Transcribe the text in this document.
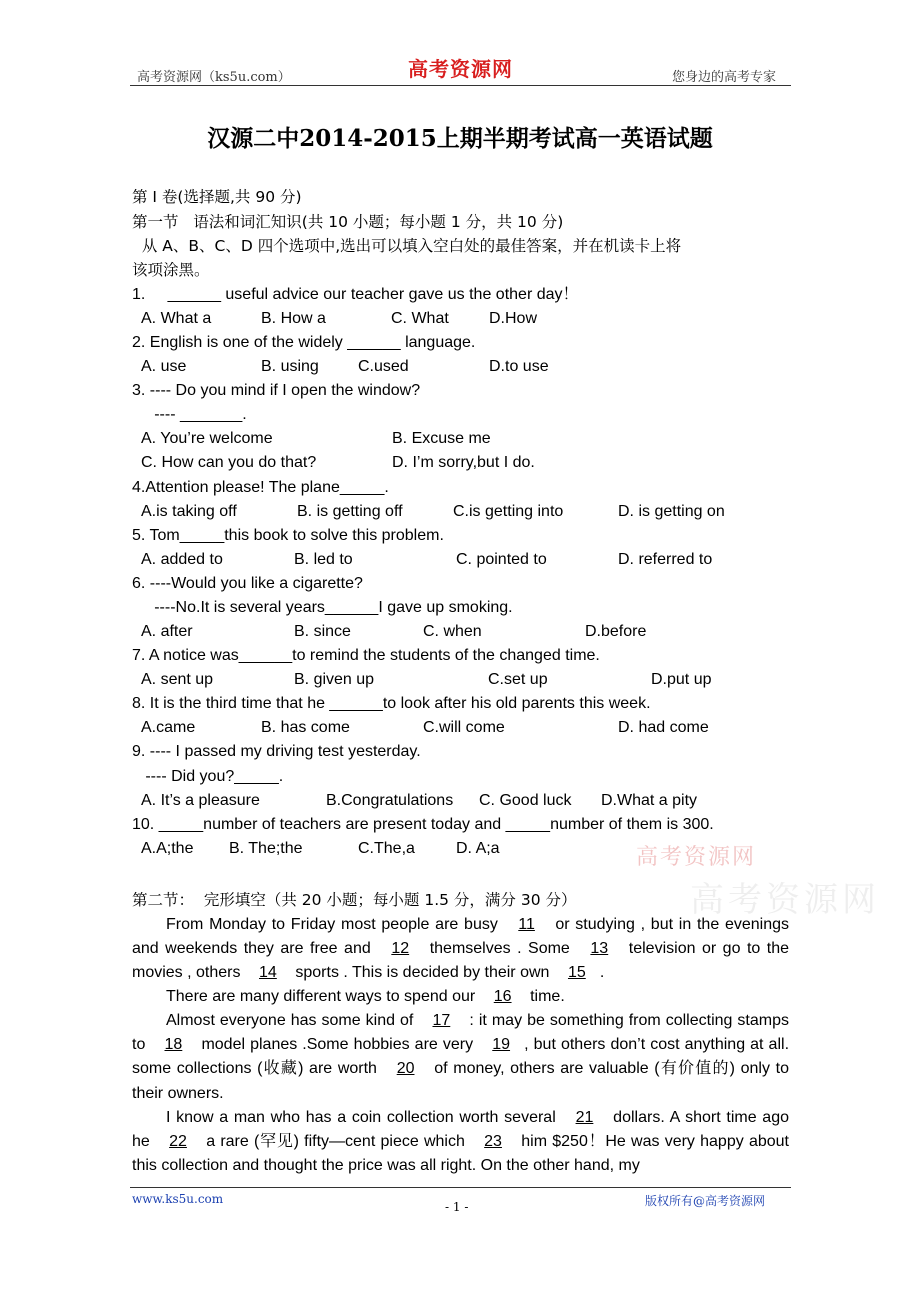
高考资源网（ks5u.com）	高考资源网	您身边的高考专家
汉源二中2014-2015上期半期考试高一英语试题
第 I 卷(选择题,共 90 分)
第一节   语法和词汇知识(共 10 小题；每小题 1 分，共 10 分)
从 A、B、C、D 四个选项中,选出可以填入空白处的最佳答案，并在机读卡上将
该项涂黑。
1.     ______ useful advice our teacher gave us the other day！
A. What a	B. How a	C. What	D.How
2. English is one of the widely ______ language.
A. use	B. using C.used	D.to use
3. ---- Do you mind if I open the window?
---- _______.
A. You’re welcome	B. Excuse me
C. How can you do that?	D. I’m sorry,but I do.
4.Attention please! The plane_____.
A.is taking off	B. is getting off	C.is getting into	D. is getting on
5. Tom_____this book to solve this problem.
A. added to	B. led to	C. pointed to	D. referred to
6. ----Would you like a cigarette?
----No.It is several years______I gave up smoking.
A. after	B. since	C. when	D.before
7. A notice was______to remind the students of the changed time.
A. sent up	B. given up	C.set up	D.put up
8. It is the third time that he ______to look after his old parents this week.
A.came	B. has come	C.will come	D. had come
9. ---- I passed my driving test yesterday.
---- Did you?_____.
A. It’s a pleasure	B.Congratulations C. Good luck D.What a pity
10. _____number of teachers are present today and _____number of them is 300.
A.A;the B. The;the	C.The,a	D. A;a	高考资源网
高考资源网
第二节：  完形填空（共 20 小题；每小题 1.5 分，满分 30 分）
From Monday to Friday most people are busy 11 or studying , but in the evenings and weekends they are free and 12 themselves . Some 13 television or go to the movies , others 14 sports . This is decided by their own 15 .
There are many different ways to spend our 16 time.
Almost everyone has some kind of 17 : it may be something from collecting stamps to 18 model planes .Some hobbies are very 19 , but others don’t cost anything at all. some collections (收藏) are worth 20 of money, others are valuable (有价值的) only to their owners.
I know a man who has a coin collection worth several 21 dollars. A short time ago he 22 a rare (罕见) fifty—cent piece which 23 him $250！He was very happy about this collection and thought the price was all right. On the other hand, my
www.ks5u.com
- 1 -	版权所有@高考资源网
